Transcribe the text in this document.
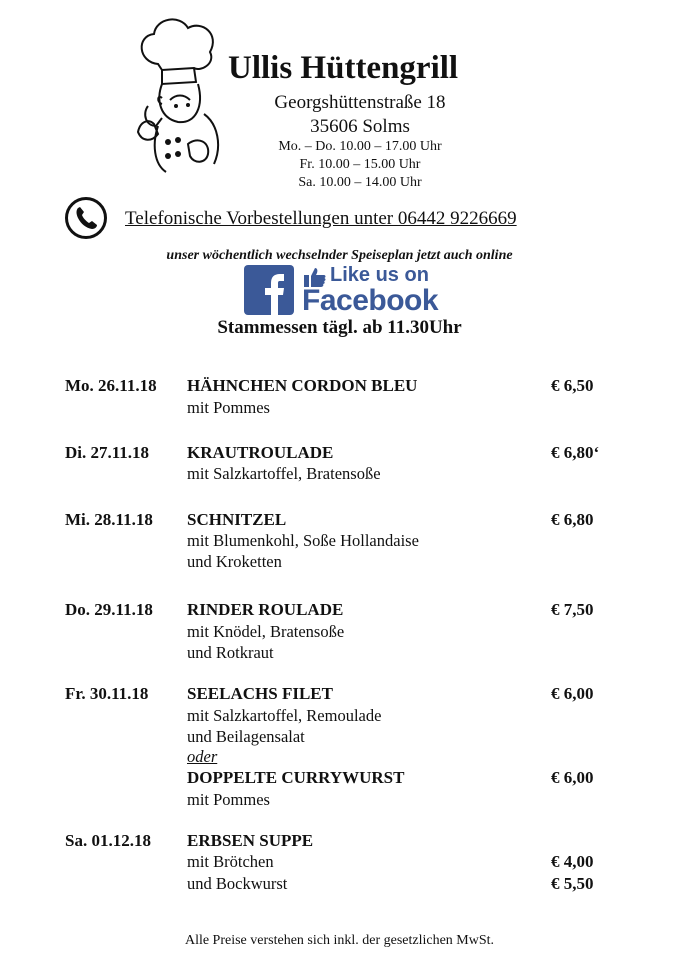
Ullis Hüttengrill
Georgshüttenstraße 18
35606 Solms
Mo. – Do. 10.00 – 17.00 Uhr
Fr. 10.00 – 15.00 Uhr
Sa. 10.00 – 14.00 Uhr
Telefonische Vorbestellungen unter 06442 9226669
unser wöchentlich wechselnder Speiseplan jetzt auch online
Like us on
Facebook
Stammessen tägl. ab 11.30Uhr
Mo. 26.11.18 HÄHNCHEN CORDON BLEU	€ 6,50
mit Pommes
Di. 27.11.18 KRAUTROULADE	€ 6,80‘
mit Salzkartoffel, Bratensoße
Mi. 28.11.18 SCHNITZEL	€ 6,80
mit Blumenkohl, Soße Hollandaise
und Kroketten
Do. 29.11.18 RINDER ROULADE	€ 7,50
mit Knödel, Bratensoße
und Rotkraut
Fr. 30.11.18 SEELACHS FILET	€ 6,00
mit Salzkartoffel, Remoulade
und Beilagensalat
oder
DOPPELTE CURRYWURST	€ 6,00
mit Pommes
Sa. 01.12.18 ERBSEN SUPPE
mit Brötchen	€ 4,00
und Bockwurst	€ 5,50
Alle Preise verstehen sich inkl. der gesetzlichen MwSt.
